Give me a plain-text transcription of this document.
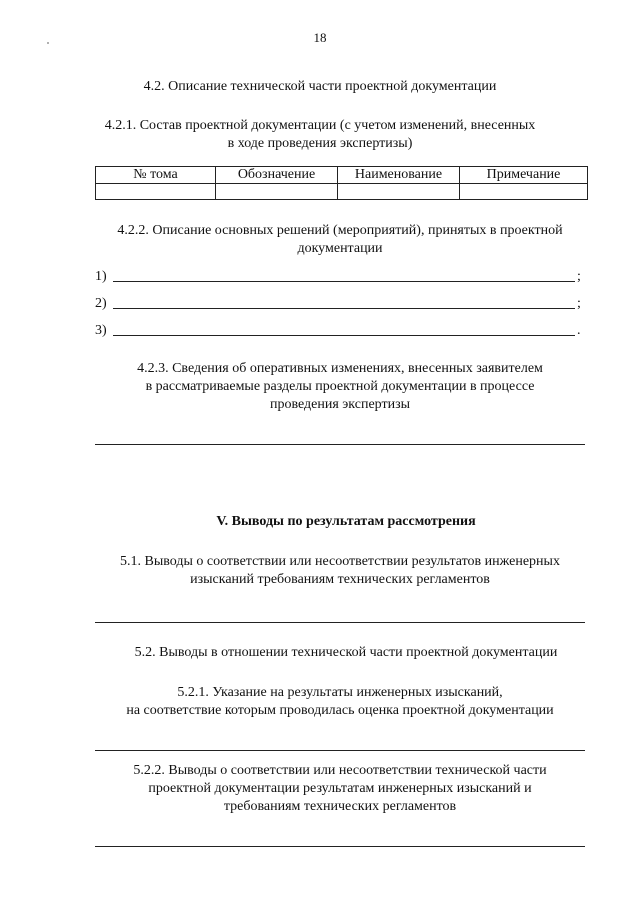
18
4.2. Описание технической части проектной документации
4.2.1. Состав проектной документации (с учетом изменений, внесенных
в ходе проведения экспертизы)
№ тома	Обозначение	Наименование	Примечание

4.2.2. Описание основных решений (мероприятий), принятых в проектной
документации
1)	;
2)	;
3)	.
4.2.3. Сведения об оперативных изменениях, внесенных заявителем
в рассматриваемые разделы проектной документации в процессе
проведения экспертизы
V. Выводы по результатам рассмотрения
5.1. Выводы о соответствии или несоответствии результатов инженерных
изысканий требованиям технических регламентов
5.2. Выводы в отношении технической части проектной документации
5.2.1. Указание на результаты инженерных изысканий,
на соответствие которым проводилась оценка проектной документации
5.2.2. Выводы о соответствии или несоответствии технической части
проектной документации результатам инженерных изысканий и
требованиям технических регламентов
